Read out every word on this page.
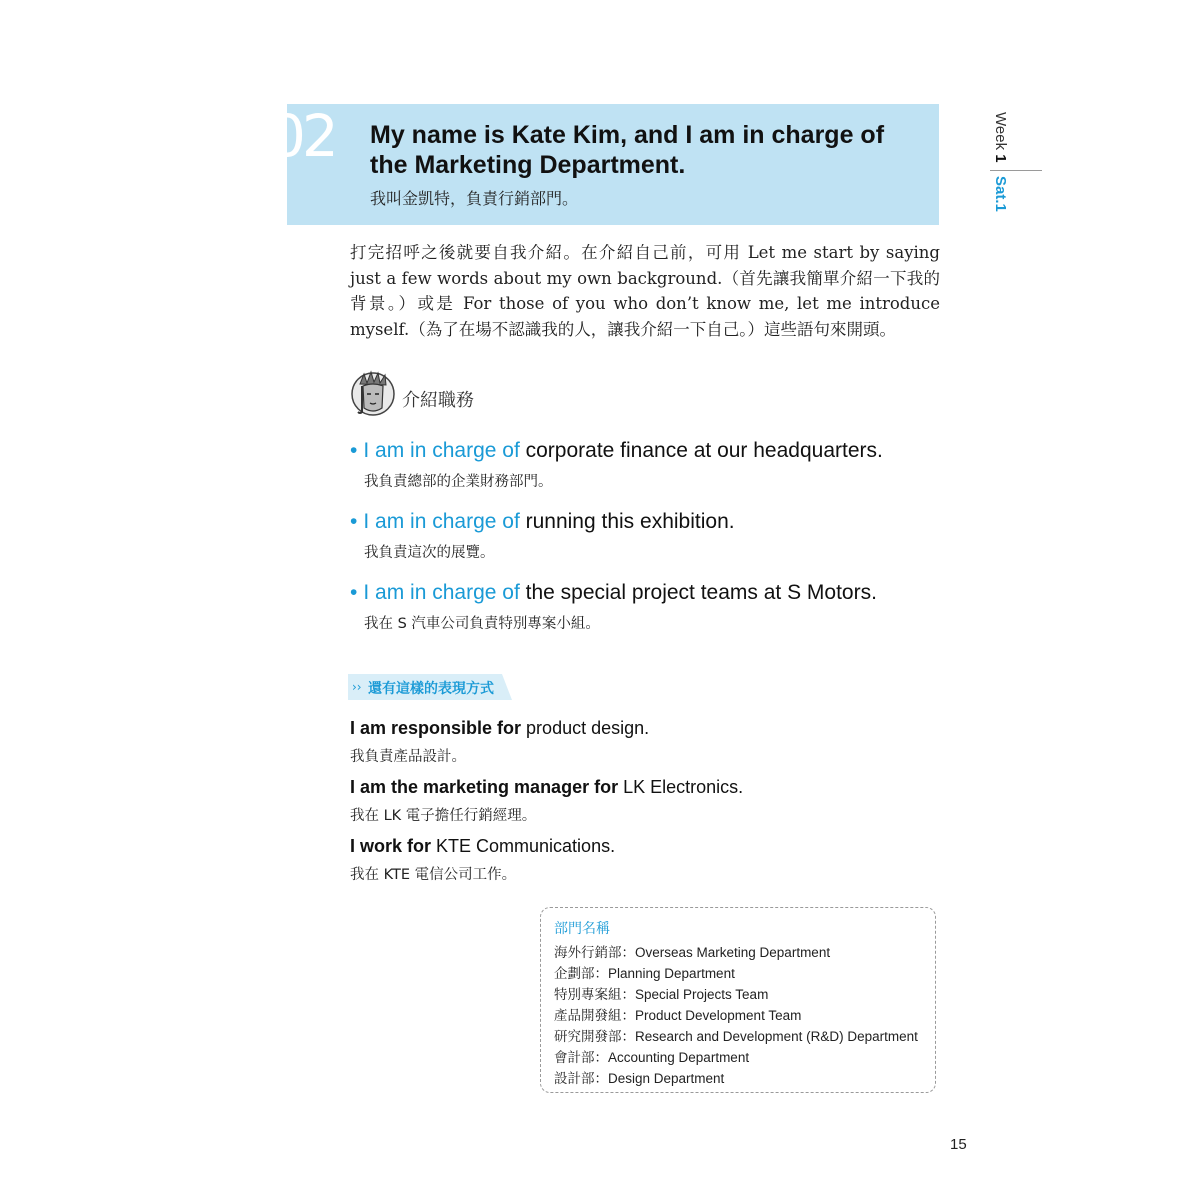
02	My name is Kate Kim, and I am in charge of
the Marketing Department.
我叫金凱特，負責行銷部門。
Week 1
Sat.1
打完招呼之後就要自我介紹。在介紹自己前，可用 Let me start by saying just a few words about my own background.（首先讓我簡單介紹一下我的背景。）或是 For those of you who don’t know me, let me introduce myself.（為了在場不認識我的人，讓我介紹一下自己。）這些語句來開頭。
介紹職務
• I am in charge of corporate finance at our headquarters.
我負責總部的企業財務部門。
• I am in charge of running this exhibition.
我負責這次的展覽。
• I am in charge of the special project teams at S Motors.
我在 S 汽車公司負責特別專案小組。
›› 還有這樣的表現方式
I am responsible for product design.
我負責產品設計。
I am the marketing manager for LK Electronics.
我在 LK 電子擔任行銷經理。
I work for KTE Communications.
我在 KTE 電信公司工作。
部門名稱
海外行銷部：Overseas Marketing Department
企劃部：Planning Department
特別專案組：Special Projects Team
產品開發組：Product Development Team
研究開發部：Research and Development (R&D) Department
會計部：Accounting Department
設計部：Design Department
15
